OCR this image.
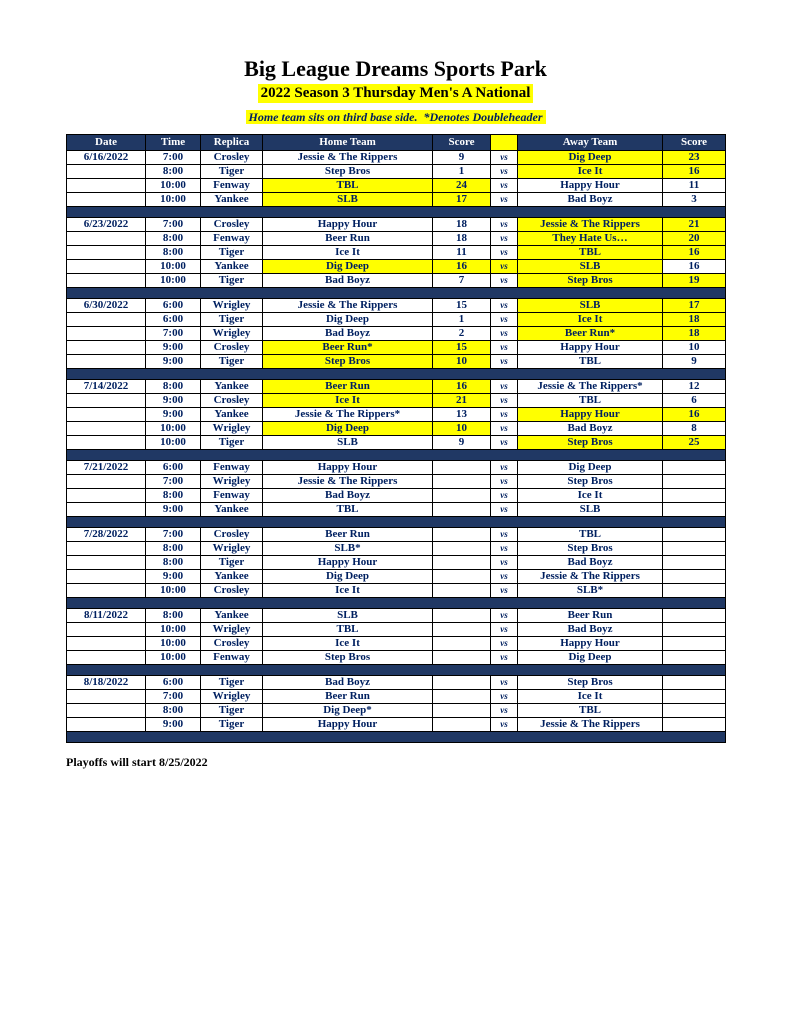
Big League Dreams Sports Park
2022 Season 3 Thursday Men's A National
Home team sits on third base side.  *Denotes Doubleheader
Date	Time	Replica	Home Team	Score		Away Team	Score
6/16/2022	7:00	Crosley	Jessie & The Rippers	9	vs	Dig Deep	23
	8:00	Tiger	Step Bros	1	vs	Ice It	16
	10:00	Fenway	TBL	24	vs	Happy Hour	11
	10:00	Yankee	SLB	17	vs	Bad Boyz	3

6/23/2022	7:00	Crosley	Happy Hour	18	vs	Jessie & The Rippers	21
	8:00	Fenway	Beer Run	18	vs	They Hate Us…	20
	8:00	Tiger	Ice It	11	vs	TBL	16
	10:00	Yankee	Dig Deep	16	vs	SLB	16
	10:00	Tiger	Bad Boyz	7	vs	Step Bros	19

6/30/2022	6:00	Wrigley	Jessie & The Rippers	15	vs	SLB	17
	6:00	Tiger	Dig Deep	1	vs	Ice It	18
	7:00	Wrigley	Bad Boyz	2	vs	Beer Run*	18
	9:00	Crosley	Beer Run*	15	vs	Happy Hour	10
	9:00	Tiger	Step Bros	10	vs	TBL	9

7/14/2022	8:00	Yankee	Beer Run	16	vs	Jessie & The Rippers*	12
	9:00	Crosley	Ice It	21	vs	TBL	6
	9:00	Yankee	Jessie & The Rippers*	13	vs	Happy Hour	16
	10:00	Wrigley	Dig Deep	10	vs	Bad Boyz	8
	10:00	Tiger	SLB	9	vs	Step Bros	25

7/21/2022	6:00	Fenway	Happy Hour		vs	Dig Deep	
	7:00	Wrigley	Jessie & The Rippers		vs	Step Bros	
	8:00	Fenway	Bad Boyz		vs	Ice It	
	9:00	Yankee	TBL		vs	SLB	

7/28/2022	7:00	Crosley	Beer Run		vs	TBL	
	8:00	Wrigley	SLB*		vs	Step Bros	
	8:00	Tiger	Happy Hour		vs	Bad Boyz	
	9:00	Yankee	Dig Deep		vs	Jessie & The Rippers	
	10:00	Crosley	Ice It		vs	SLB*	

8/11/2022	8:00	Yankee	SLB		vs	Beer Run	
	10:00	Wrigley	TBL		vs	Bad Boyz	
	10:00	Crosley	Ice It		vs	Happy Hour	
	10:00	Fenway	Step Bros		vs	Dig Deep	

8/18/2022	6:00	Tiger	Bad Boyz		vs	Step Bros	
	7:00	Wrigley	Beer Run		vs	Ice It	
	8:00	Tiger	Dig Deep*		vs	TBL	
	9:00	Tiger	Happy Hour		vs	Jessie & The Rippers	

Playoffs will start 8/25/2022
